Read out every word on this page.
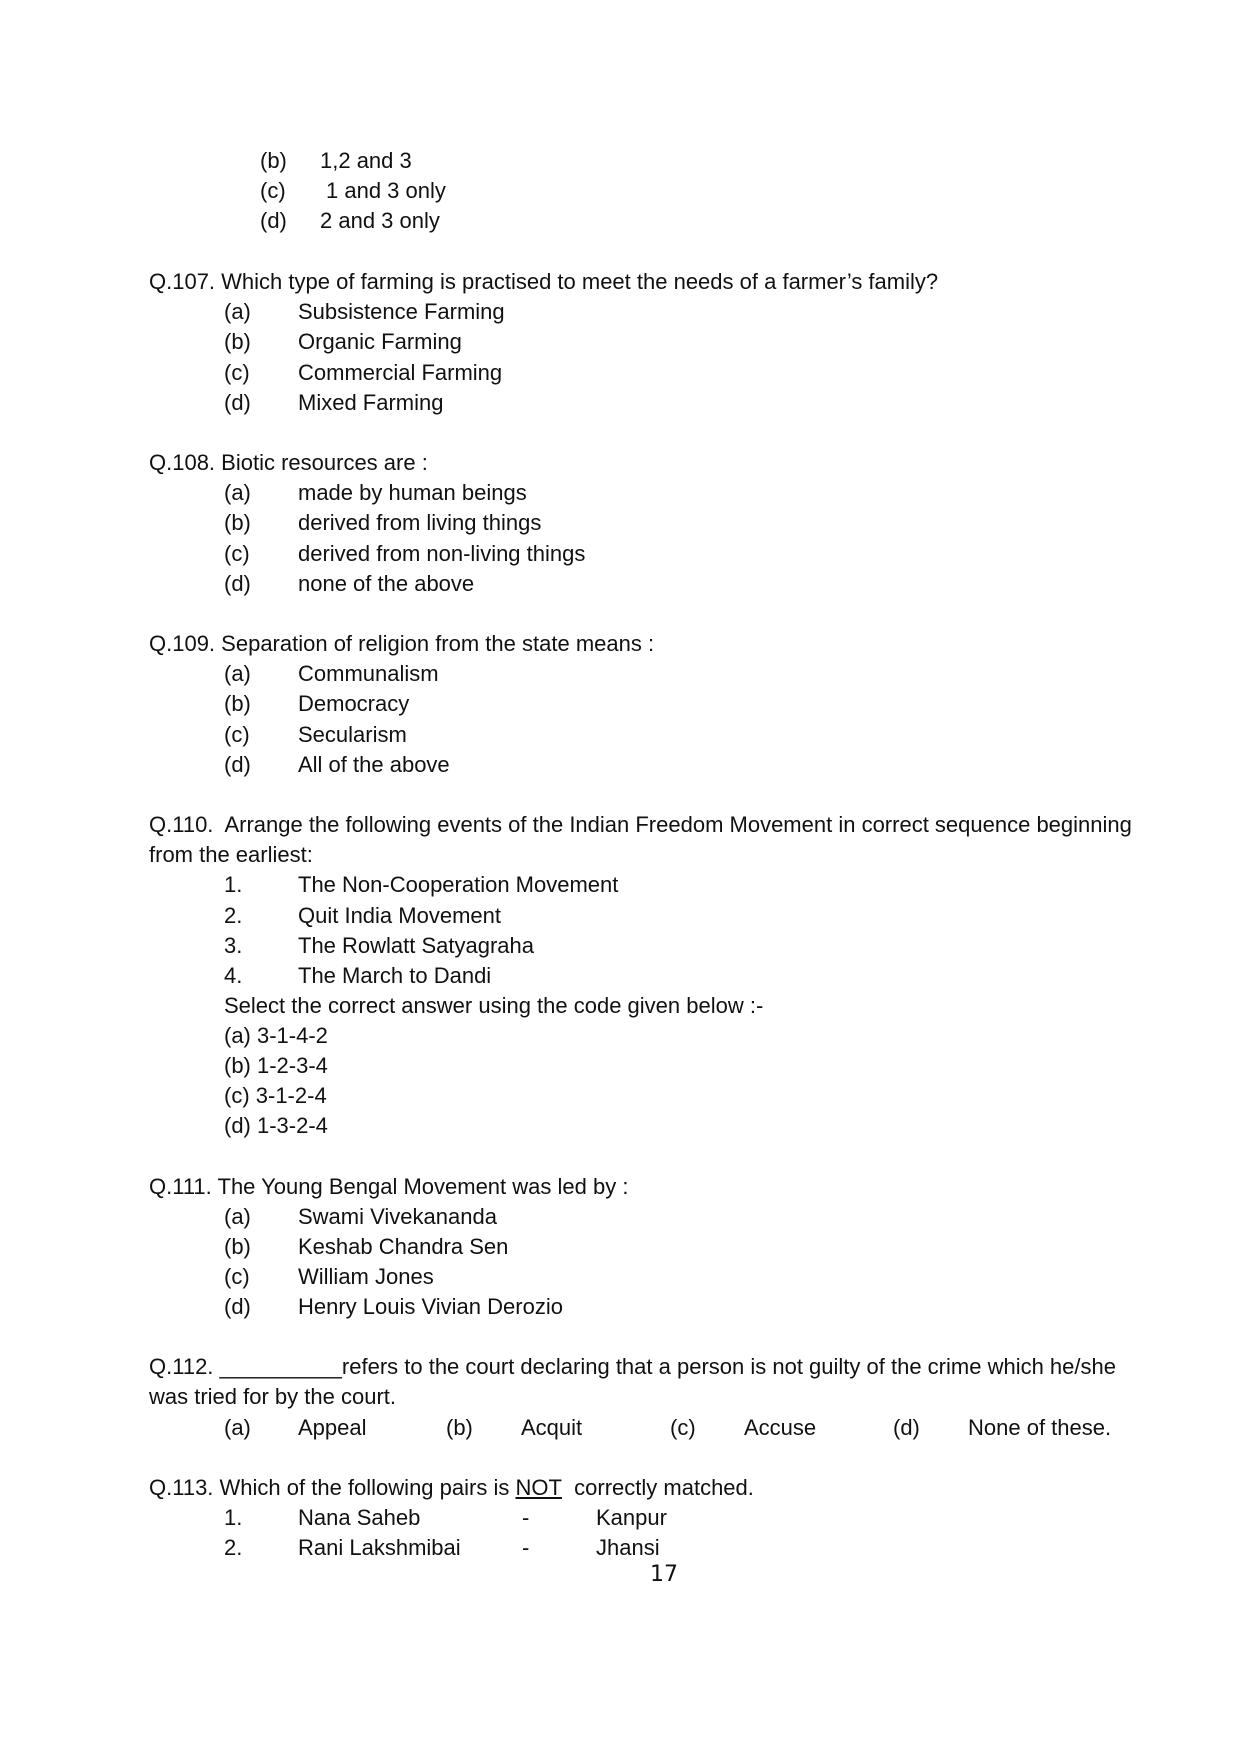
(b) 1,2 and 3
(c) 1 and 3 only
(d) 2 and 3 only
Q.107. Which type of farming is practised to meet the needs of a farmer’s family?
(a) Subsistence Farming
(b) Organic Farming
(c) Commercial Farming
(d) Mixed Farming
Q.108. Biotic resources are :
(a) made by human beings
(b) derived from living things
(c) derived from non-living things
(d) none of the above
Q.109. Separation of religion from the state means :
(a) Communalism
(b) Democracy
(c) Secularism
(d) All of the above
Q.110. Arrange the following events of the Indian Freedom Movement in correct sequence beginning
from the earliest:
1.	The Non-Cooperation Movement
2.	Quit India Movement
3.	The Rowlatt Satyagraha
4.	The March to Dandi
Select the correct answer using the code given below :-
(a) 3-1-4-2
(b) 1-2-3-4
(c) 3-1-2-4
(d) 1-3-2-4
Q.111. The Young Bengal Movement was led by :
(a) Swami Vivekananda
(b) Keshab Chandra Sen
(c) William Jones
(d) Henry Louis Vivian Derozio
Q.112. __________refers to the court declaring that a person is not guilty of the crime which he/she
was tried for by the court.
(a) Appeal	(b) Acquit	(c) Accuse	(d) None of these.
Q.113. Which of the following pairs is NOT correctly matched.
1.	Nana Saheb	-	Kanpur
2.	Rani Lakshmibai	-	Jhansi
17
